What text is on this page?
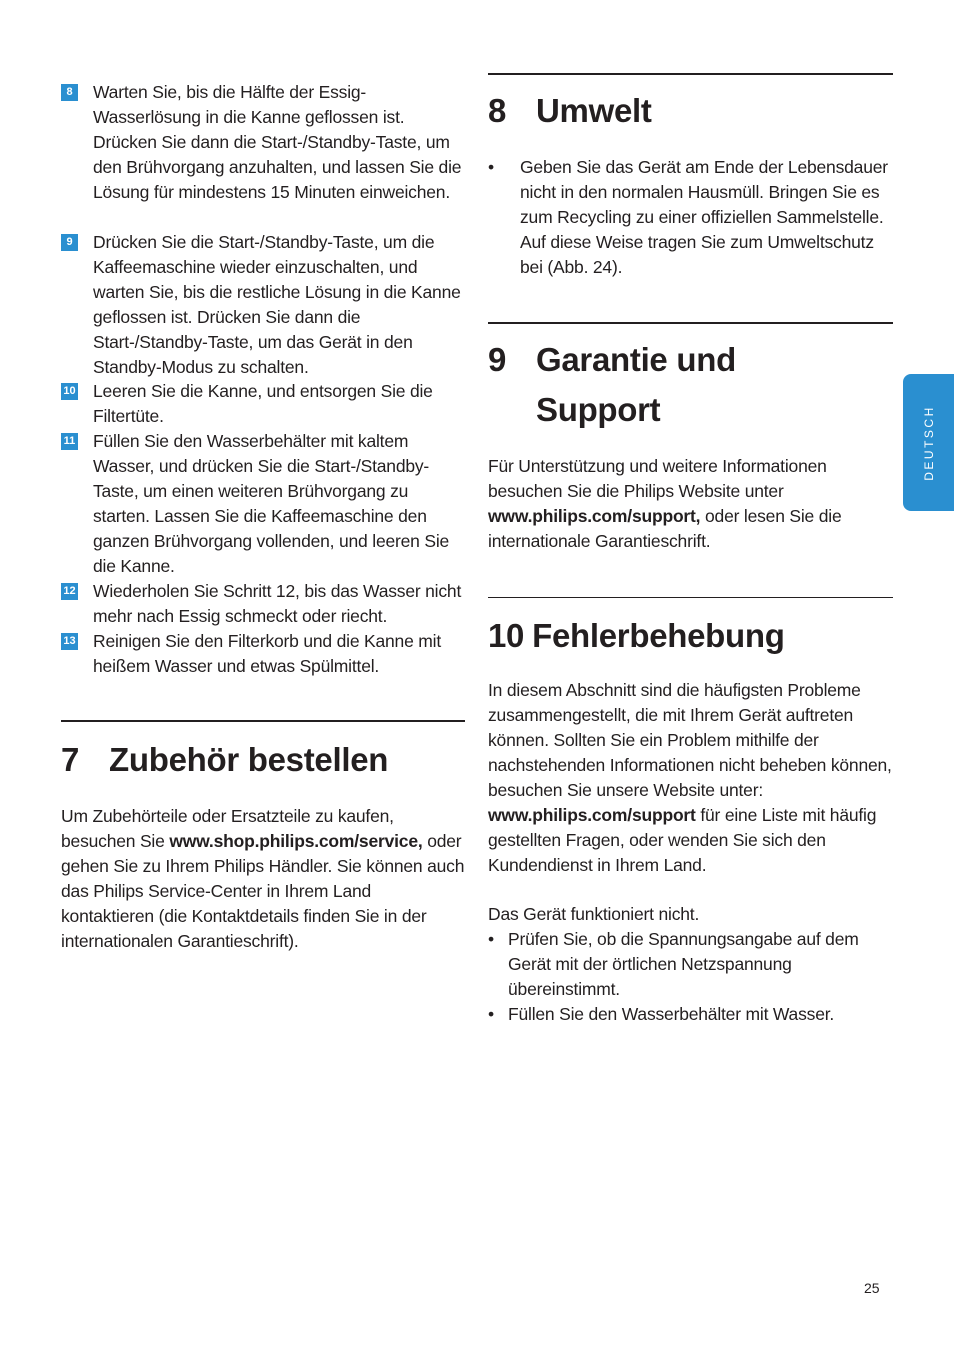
8	Warten Sie, bis die Hälfte der Essig-Wasserlösung in die Kanne geflossen ist. Drücken Sie dann die Start-/Standby-Taste, um den Brühvorgang anzuhalten, und lassen Sie die Lösung für mindestens 15 Minuten einweichen.
9	Drücken Sie die Start-/Standby-Taste, um die Kaffeemaschine wieder einzuschalten, und warten Sie, bis die restliche Lösung in die Kanne geflossen ist. Drücken Sie dann die Start-/Standby-Taste, um das Gerät in den Standby-Modus zu schalten.
10 Leeren Sie die Kanne, und entsorgen Sie die Filtertüte.
11 Füllen Sie den Wasserbehälter mit kaltem Wasser, und drücken Sie die Start-/Standby-Taste, um einen weiteren Brühvorgang zu starten. Lassen Sie die Kaffeemaschine den ganzen Brühvorgang vollenden, und leeren Sie die Kanne.
12 Wiederholen Sie Schritt 12, bis das Wasser nicht mehr nach Essig schmeckt oder riecht.
13 Reinigen Sie den Filterkorb und die Kanne mit heißem Wasser und etwas Spülmittel.
7 Zubehör bestellen

Um Zubehörteile oder Ersatzteile zu kaufen, besuchen Sie www.shop.philips.com/service, oder gehen Sie zu Ihrem Philips Händler. Sie können auch das Philips Service-Center in Ihrem Land kontaktieren (die Kontaktdetails finden Sie in der internationalen Garantieschrift).

8 Umwelt
• Geben Sie das Gerät am Ende der Lebensdauer nicht in den normalen Hausmüll. Bringen Sie es zum Recycling zu einer offiziellen Sammelstelle. Auf diese Weise tragen Sie zum Umweltschutz bei (Abb. 24).
9 Garantie und
Support

Für Unterstützung und weitere Informationen besuchen Sie die Philips Website unter www.philips.com/support, oder lesen Sie die internationale Garantieschrift.

10 Fehlerbehebung

In diesem Abschnitt sind die häufigsten Probleme zusammengestellt, die mit Ihrem Gerät auftreten können. Sollten Sie ein Problem mithilfe der nachstehenden Informationen nicht beheben können, besuchen Sie unsere Website unter: www.philips.com/support für eine Liste mit häufig gestellten Fragen, oder wenden Sie sich den Kundendienst in Ihrem Land.

Das Gerät funktioniert nicht.

• Prüfen Sie, ob die Spannungsangabe auf dem Gerät mit der örtlichen Netzspannung übereinstimmt.
• Füllen Sie den Wasserbehälter mit Wasser.
DEUTSCH
25
